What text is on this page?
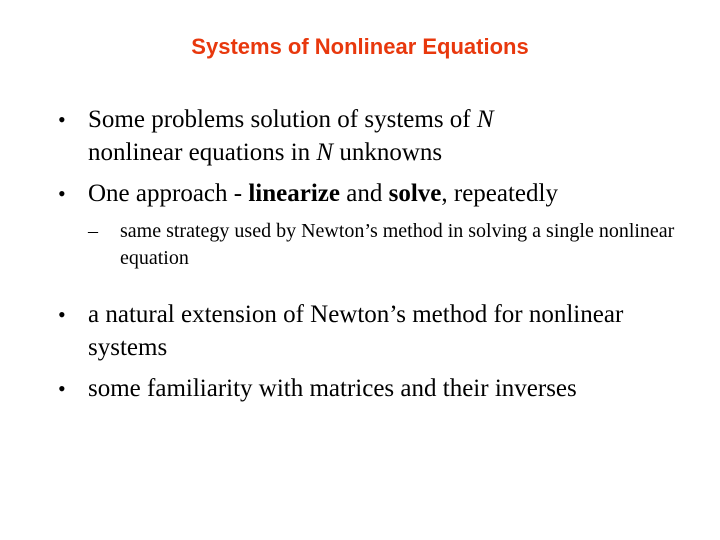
Systems of Nonlinear Equations
• Some problems solution of systems of N
nonlinear equations in N unknowns
• One approach - linearize and solve, repeatedly
– same strategy used by Newton’s method in solving a single nonlinear equation
• a natural extension of Newton’s method for nonlinear systems
• some familiarity with matrices and their inverses
